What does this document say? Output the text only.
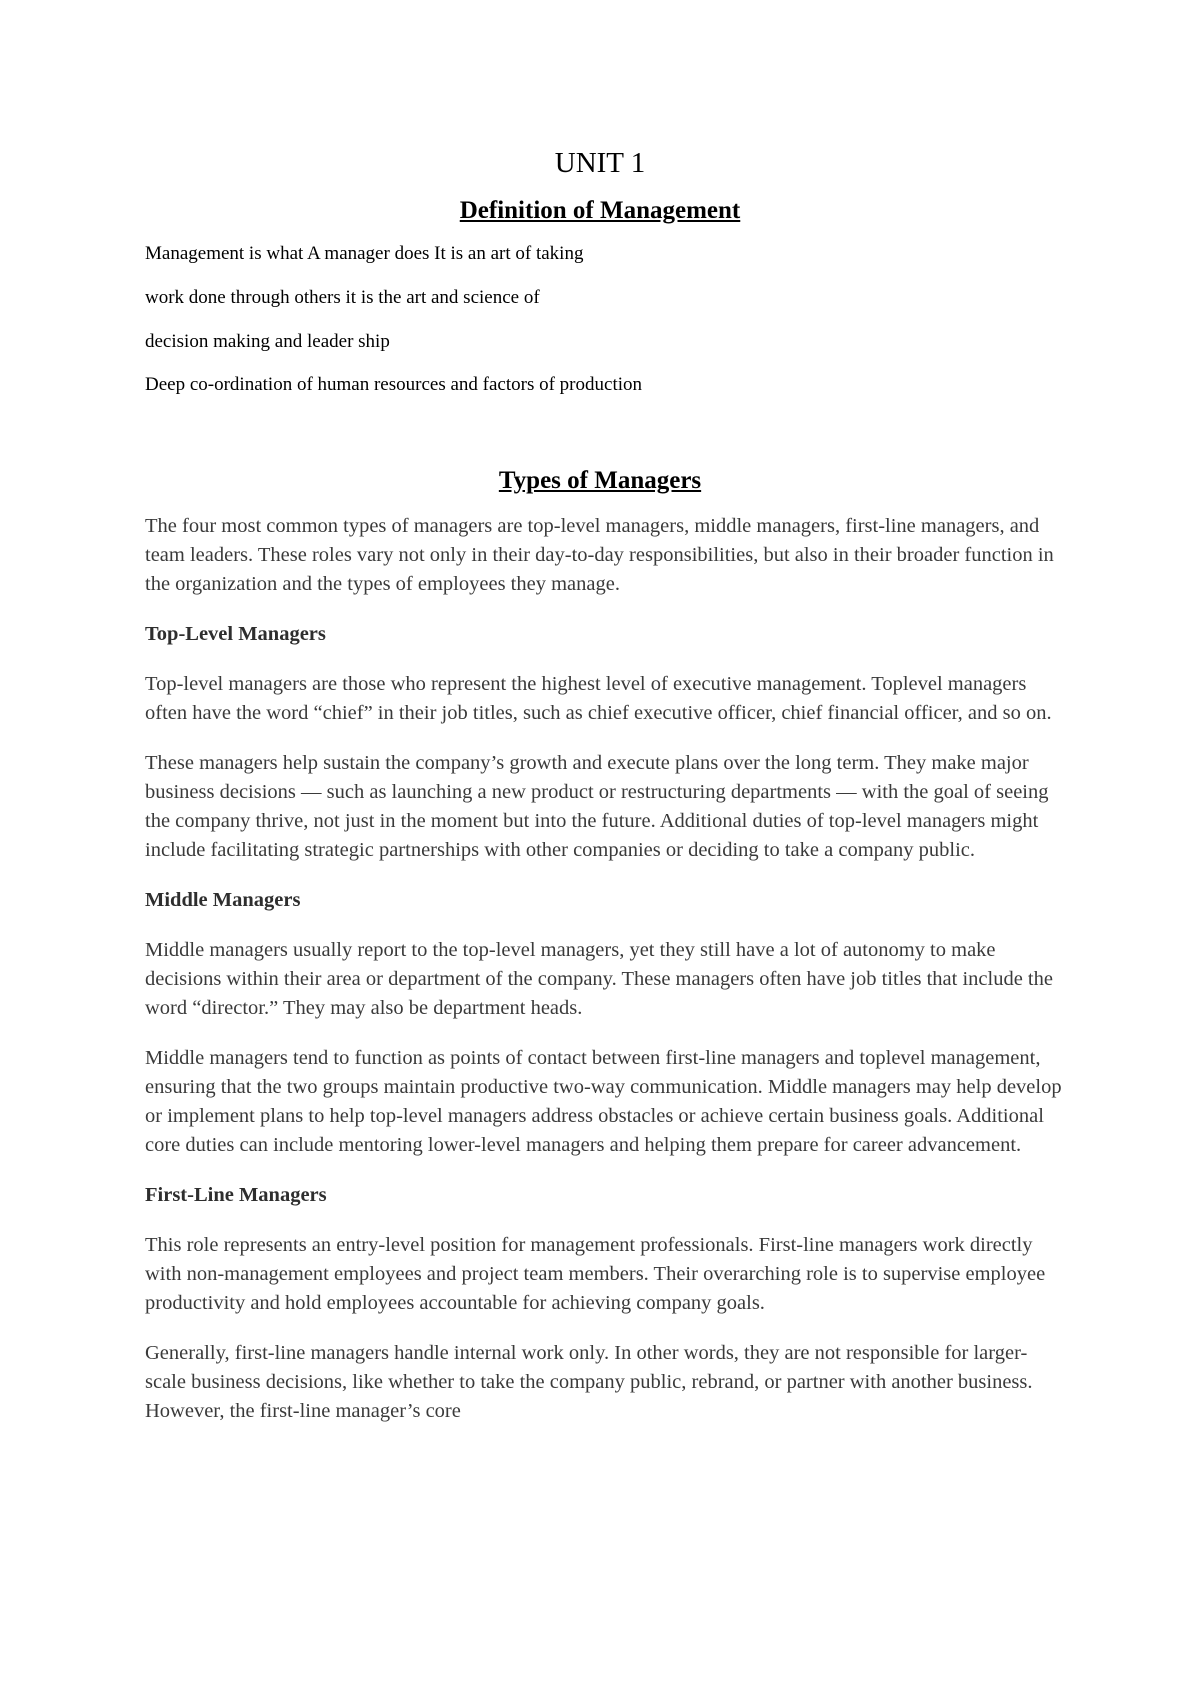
UNIT 1
Definition of Management

Management is what A manager does It is an art of taking

work done through others it is the art and science of

decision making and leader ship

Deep co-ordination of human resources and factors of production

Types of Managers

The four most common types of managers are top-level managers, middle managers, first-line managers, and team leaders. These roles vary not only in their day-to-day responsibilities, but also in their broader function in the organization and the types of employees they manage.

Top-Level Managers

Top-level managers are those who represent the highest level of executive management. Toplevel managers often have the word “chief” in their job titles, such as chief executive officer, chief financial officer, and so on.

These managers help sustain the company’s growth and execute plans over the long term. They make major business decisions — such as launching a new product or restructuring departments — with the goal of seeing the company thrive, not just in the moment but into the future. Additional duties of top-level managers might include facilitating strategic partnerships with other companies or deciding to take a company public.

Middle Managers

Middle managers usually report to the top-level managers, yet they still have a lot of autonomy to make decisions within their area or department of the company. These managers often have job titles that include the word “director.” They may also be department heads.

Middle managers tend to function as points of contact between first-line managers and toplevel management, ensuring that the two groups maintain productive two-way communication. Middle managers may help develop or implement plans to help top-level managers address obstacles or achieve certain business goals. Additional core duties can include mentoring lower-level managers and helping them prepare for career advancement.

First-Line Managers

This role represents an entry-level position for management professionals. First-line managers work directly with non-management employees and project team members. Their overarching role is to supervise employee productivity and hold employees accountable for achieving company goals.

Generally, first-line managers handle internal work only. In other words, they are not responsible for larger-scale business decisions, like whether to take the company public, rebrand, or partner with another business. However, the first-line manager’s core
